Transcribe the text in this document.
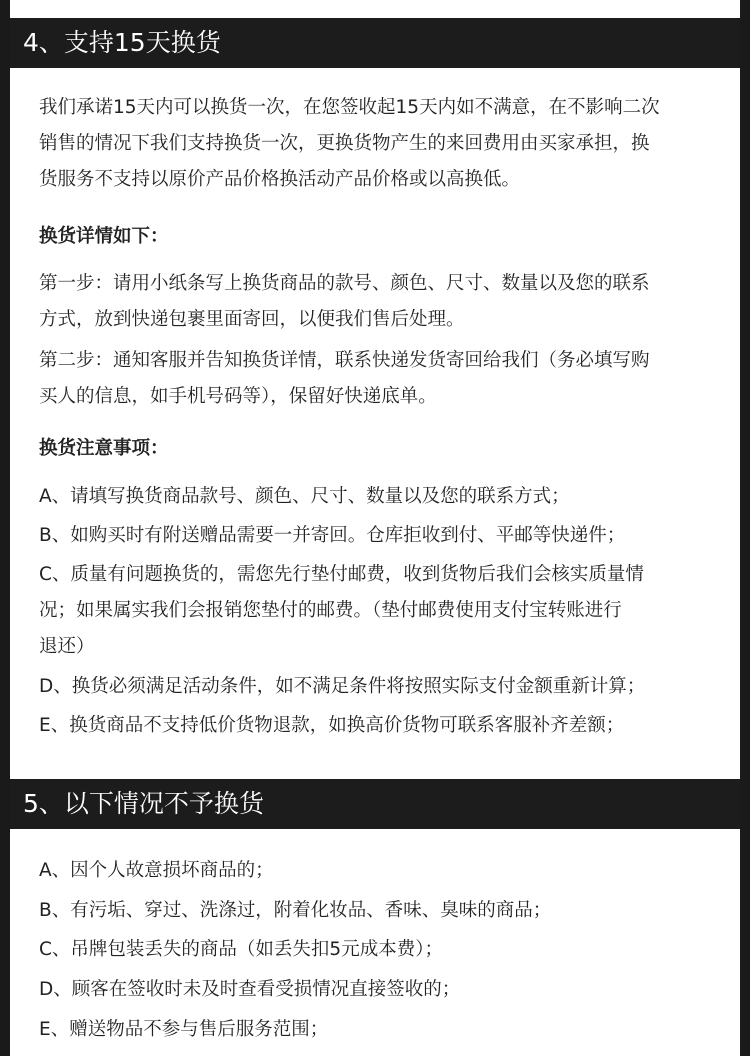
4、支持15天换货

我们承诺15天内可以换货一次，在您签收起15天内如不满意，在不影响二次
销售的情况下我们支持换货一次，更换货物产生的来回费用由买家承担，换
货服务不支持以原价产品价格换活动产品价格或以高换低。

换货详情如下：

第一步：请用小纸条写上换货商品的款号、颜色、尺寸、数量以及您的联系
方式，放到快递包裹里面寄回，以便我们售后处理。

第二步：通知客服并告知换货详情，联系快递发货寄回给我们（务必填写购
买人的信息，如手机号码等），保留好快递底单。

换货注意事项：

A、请填写换货商品款号、颜色、尺寸、数量以及您的联系方式；

B、如购买时有附送赠品需要一并寄回。仓库拒收到付、平邮等快递件；

C、质量有问题换货的，需您先行垫付邮费，收到货物后我们会核实质量情
况；如果属实我们会报销您垫付的邮费。（垫付邮费使用支付宝转账进行
退还）

D、换货必须满足活动条件，如不满足条件将按照实际支付金额重新计算；

E、换货商品不支持低价货物退款，如换高价货物可联系客服补齐差额；

5、以下情况不予换货

A、因个人故意损坏商品的；

B、有污垢、穿过、洗涤过，附着化妆品、香味、臭味的商品；

C、吊牌包装丢失的商品（如丢失扣5元成本费）；

D、顾客在签收时未及时查看受损情况直接签收的；

E、赠送物品不参与售后服务范围；
